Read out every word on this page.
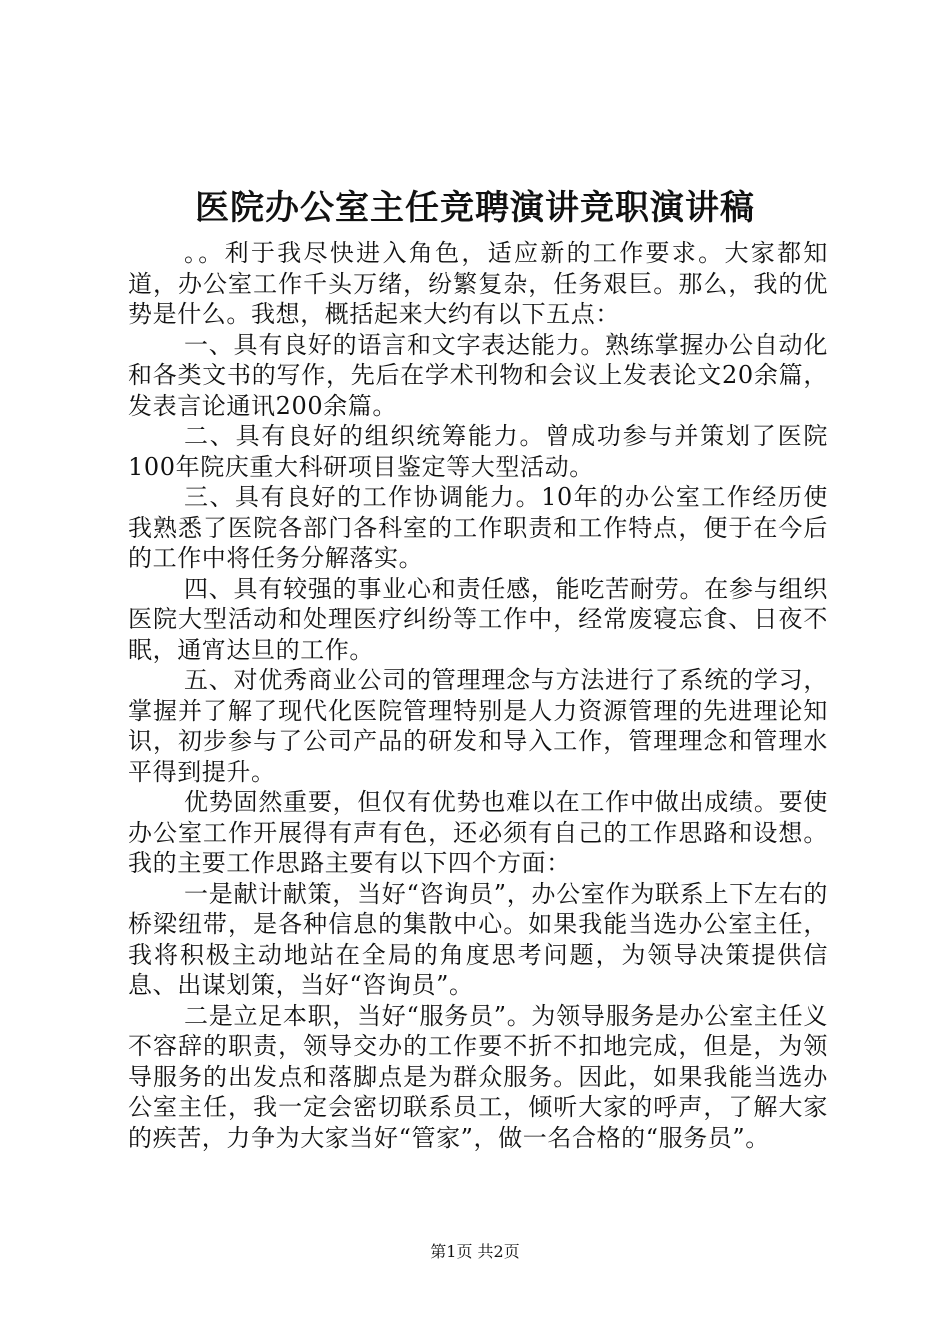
医院办公室主任竞聘演讲竞职演讲稿

。。利于我尽快进入角色，适应新的工作要求。大家都知道，办公室工作千头万绪，纷繁复杂，任务艰巨。那么，我的优势是什么。我想，概括起来大约有以下五点：

一、具有良好的语言和文字表达能力。熟练掌握办公自动化和各类文书的写作，先后在学术刊物和会议上发表论文20余篇，发表言论通讯200余篇。

二、具有良好的组织统筹能力。曾成功参与并策划了医院100年院庆重大科研项目鉴定等大型活动。

三、具有良好的工作协调能力。10年的办公室工作经历使我熟悉了医院各部门各科室的工作职责和工作特点，便于在今后的工作中将任务分解落实。

四、具有较强的事业心和责任感，能吃苦耐劳。在参与组织医院大型活动和处理医疗纠纷等工作中，经常废寝忘食、日夜不眠，通宵达旦的工作。

五、对优秀商业公司的管理理念与方法进行了系统的学习，掌握并了解了现代化医院管理特别是人力资源管理的先进理论知识，初步参与了公司产品的研发和导入工作，管理理念和管理水平得到提升。

优势固然重要，但仅有优势也难以在工作中做出成绩。要使办公室工作开展得有声有色，还必须有自己的工作思路和设想。我的主要工作思路主要有以下四个方面：

一是献计献策，当好“咨询员”，办公室作为联系上下左右的桥梁纽带，是各种信息的集散中心。如果我能当选办公室主任，我将积极主动地站在全局的角度思考问题，为领导决策提供信息、出谋划策，当好“咨询员”。

二是立足本职，当好“服务员”。为领导服务是办公室主任义不容辞的职责，领导交办的工作要不折不扣地完成，但是，为领导服务的出发点和落脚点是为群众服务。因此，如果我能当选办公室主任，我一定会密切联系员工，倾听大家的呼声，了解大家的疾苦，力争为大家当好“管家”，做一名合格的“服务员”。

第1页 共2页
